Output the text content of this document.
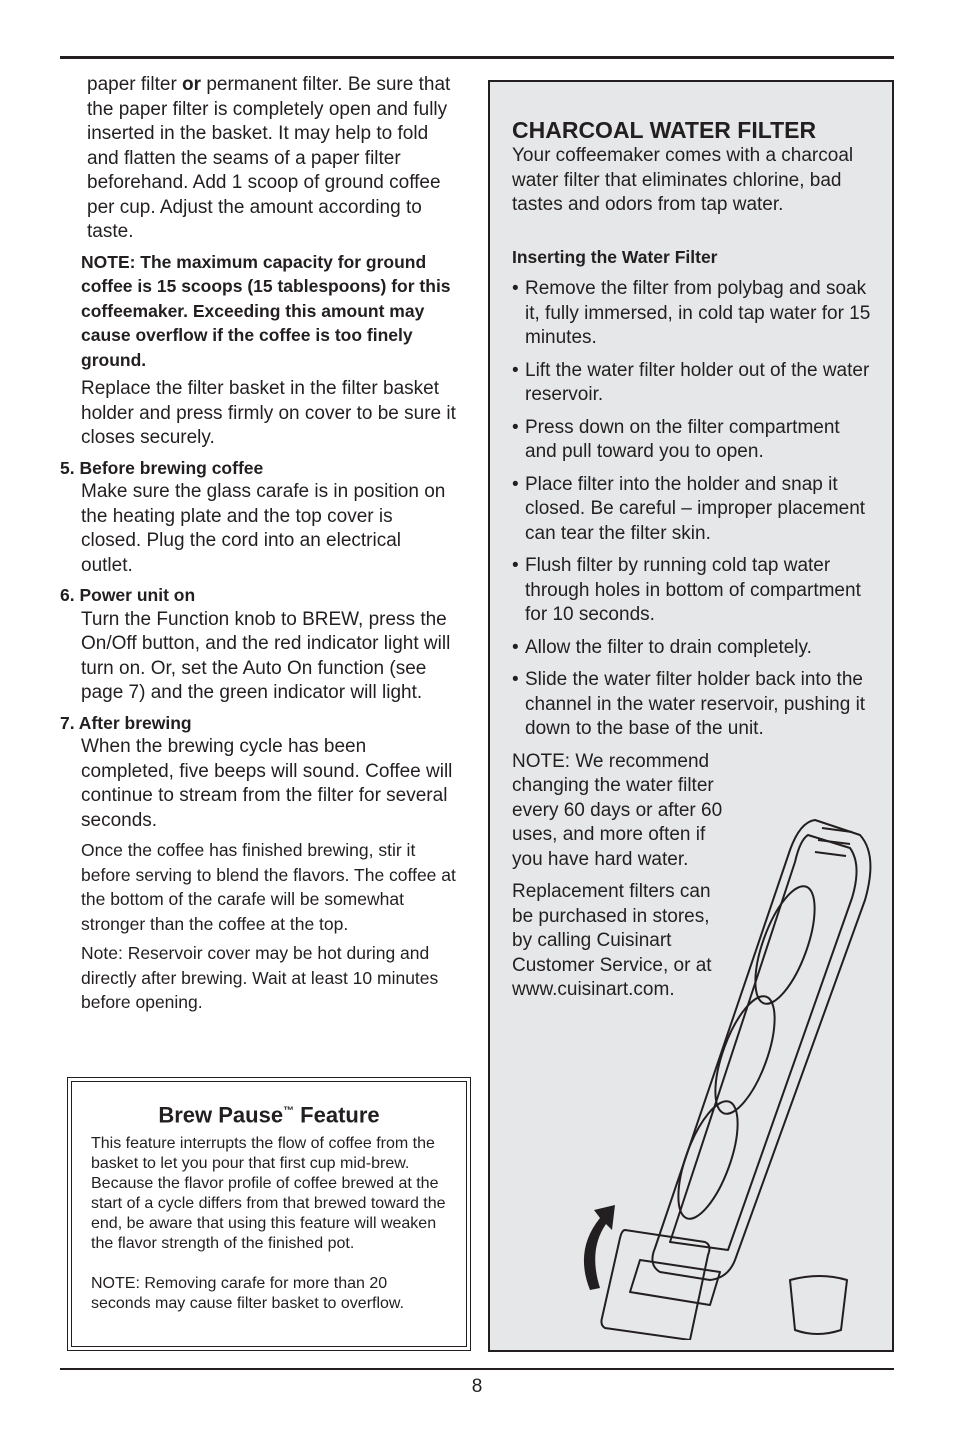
paper filter or permanent filter. Be sure that the paper filter is completely open and fully inserted in the basket. It may help to fold and flatten the seams of a paper filter beforehand. Add 1 scoop of ground coffee per cup. Adjust the amount according to taste.

NOTE: The maximum capacity for ground coffee is 15 scoops (15 tablespoons) for this coffeemaker. Exceeding this amount may cause overflow if the coffee is too finely ground.

Replace the filter basket in the filter basket holder and press firmly on cover to be sure it closes securely.

5. Before brewing coffee

Make sure the glass carafe is in position on the heating plate and the top cover is closed. Plug the cord into an electrical outlet.

6. Power unit on

Turn the Function knob to BREW, press the On/Off button, and the red indicator light will turn on. Or, set the Auto On function (see page 7) and the green indicator will light.

7. After brewing

When the brewing cycle has been completed, five beeps will sound. Coffee will continue to stream from the filter for several seconds.

Once the coffee has finished brewing, stir it before serving to blend the flavors. The coffee at the bottom of the carafe will be somewhat stronger than the coffee at the top.

Note: Reservoir cover may be hot during and directly after brewing. Wait at least 10 minutes before opening.

Brew Pause™ Feature

This feature interrupts the flow of coffee from the basket to let you pour that first cup mid-brew. Because the flavor profile of coffee brewed at the start of a cycle differs from that brewed toward the end, be aware that using this feature will weaken the flavor strength of the finished pot.

NOTE: Removing carafe for more than 20 seconds may cause filter basket to overflow.

CHARCOAL WATER FILTER

Your coffeemaker comes with a charcoal water filter that eliminates chlorine, bad tastes and odors from tap water.

Inserting the Water Filter

• Remove the filter from polybag and soak it, fully immersed, in cold tap water for 15 minutes.
• Lift the water filter holder out of the water reservoir.
• Press down on the filter compartment and pull toward you to open.
• Place filter into the holder and snap it closed. Be careful – improper placement can tear the filter skin.
• Flush filter by running cold tap water through holes in bottom of compartment for 10 seconds.
• Allow the filter to drain completely.
• Slide the water filter holder back into the channel in the water reservoir, pushing it down to the base of the unit.

NOTE: We recommend changing the water filter every 60 days or after 60 uses, and more often if you have hard water.

Replacement filters can be purchased in stores, by calling Cuisinart Customer Service, or at www.cuisinart.com.

8
